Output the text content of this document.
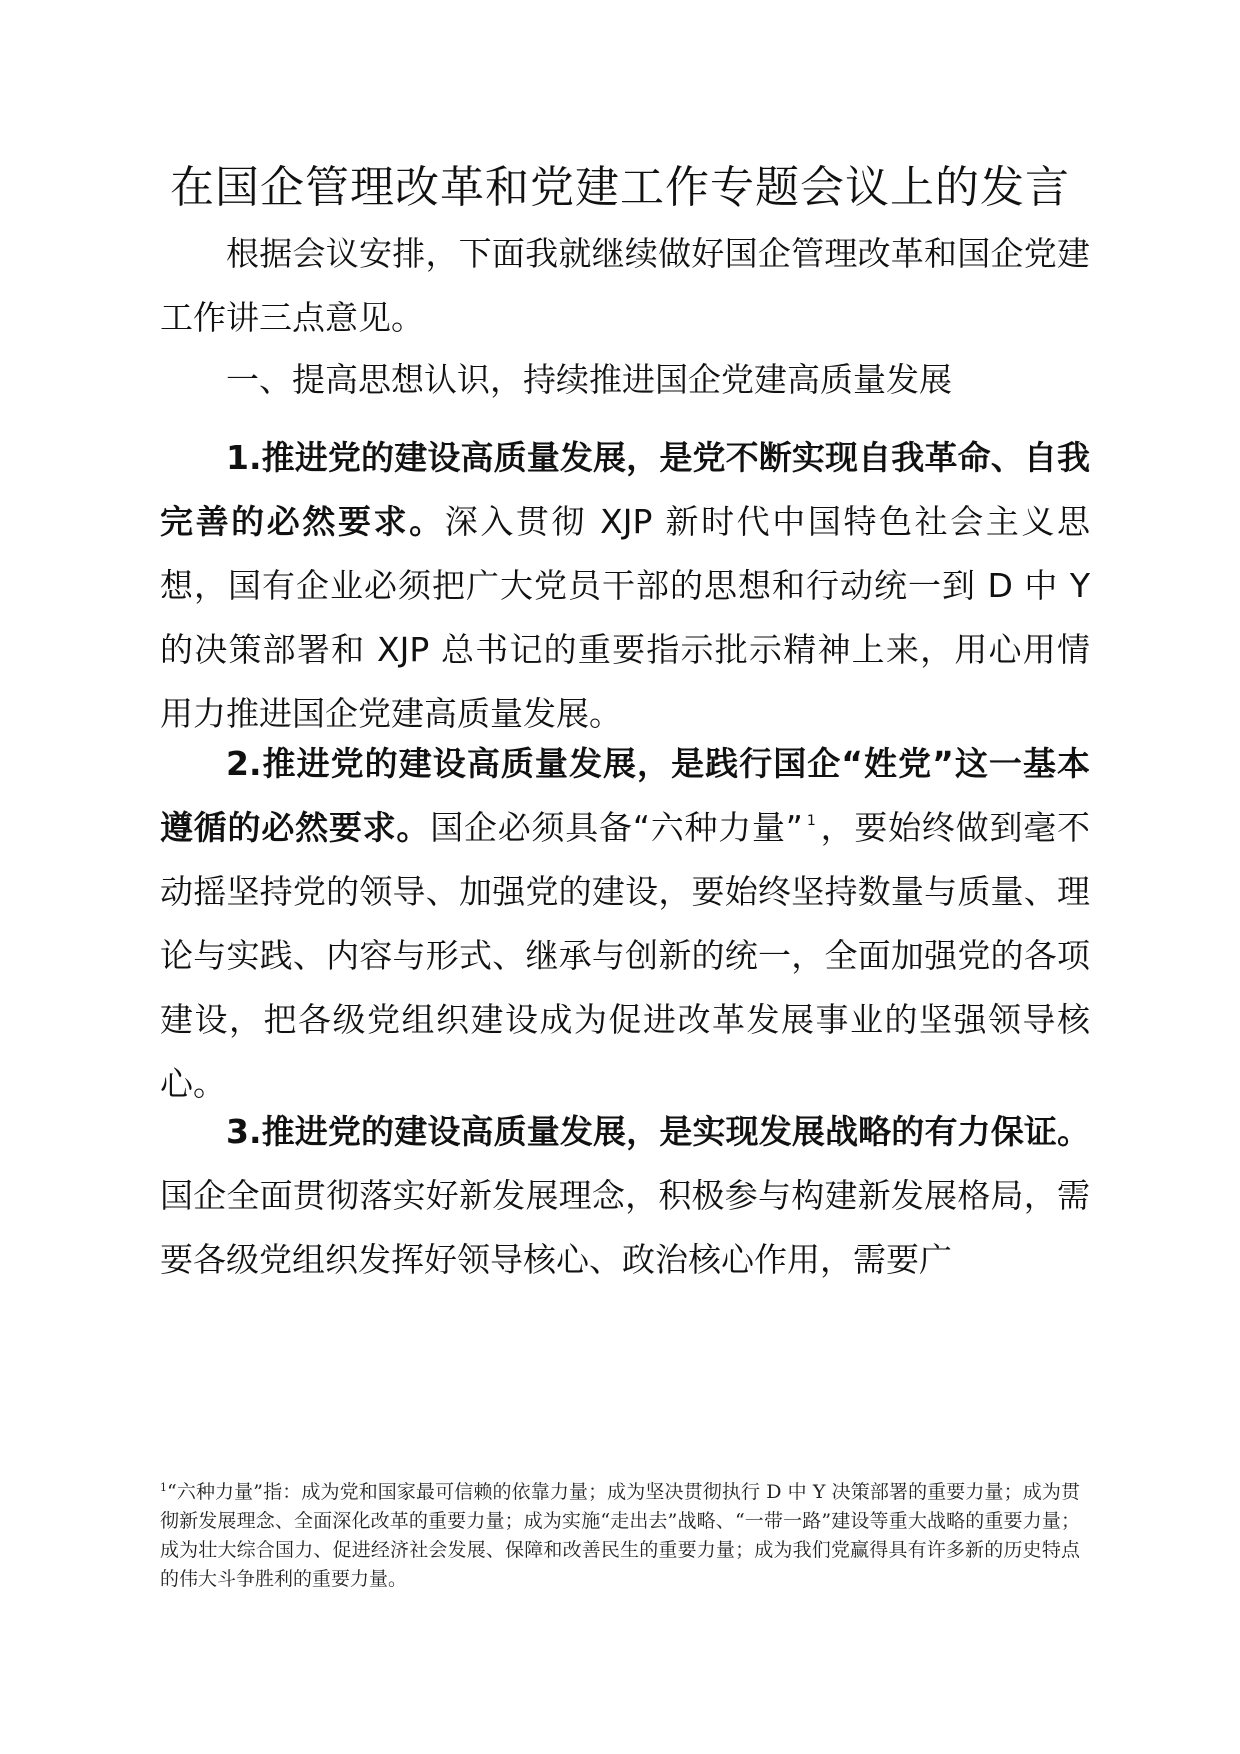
在国企管理改革和党建工作专题会议上的发言

根据会议安排，下面我就继续做好国企管理改革和国企党建工作讲三点意见。

一、提高思想认识，持续推进国企党建高质量发展

1.推进党的建设高质量发展，是党不断实现自我革命、自我完善的必然要求。深入贯彻 XJP 新时代中国特色社会主义思想，国有企业必须把广大党员干部的思想和行动统一到 D 中 Y 的决策部署和 XJP 总书记的重要指示批示精神上来，用心用情用力推进国企党建高质量发展。

2.推进党的建设高质量发展，是践行国企“姓党”这一基本遵循的必然要求。国企必须具备“六种力量” $^1$ ，要始终做到毫不动摇坚持党的领导、加强党的建设，要始终坚持数量与质量、理论与实践、内容与形式、继承与创新的统一，全面加强党的各项建设，把各级党组织建设成为促进改革发展事业的坚强领导核心。

3.推进党的建设高质量发展，是实现发展战略的有力保证。国企全面贯彻落实好新发展理念，积极参与构建新发展格局，需要各级党组织发挥好领导核心、政治核心作用，需要广

$^1$“六种力量”指：成为党和国家最可信赖的依靠力量；成为坚决贯彻执行 D 中 Y 决策部署的重要力量；成为贯彻新发展理念、全面深化改革的重要力量；成为实施“走出去”战略、“一带一路”建设等重大战略的重要力量；成为壮大综合国力、促进经济社会发展、保障和改善民生的重要力量；成为我们党赢得具有许多新的历史特点的伟大斗争胜利的重要力量。
